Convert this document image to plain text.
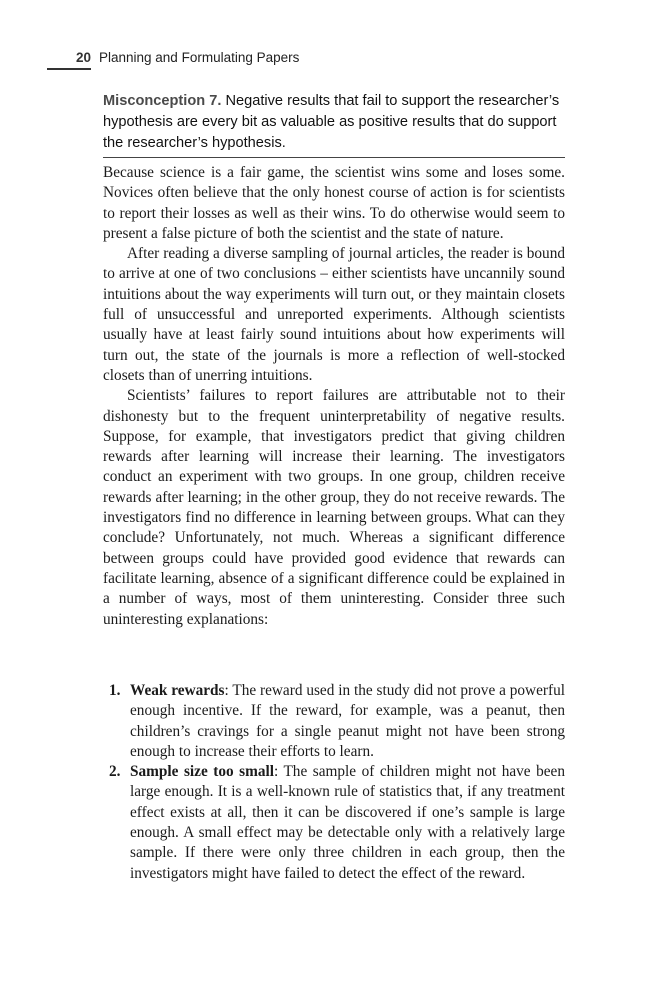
20 Planning and Formulating Papers
Misconception 7. Negative results that fail to support the researcher’s hypothesis are every bit as valuable as positive results that do support the researcher’s hypothesis.

Because science is a fair game, the scientist wins some and loses some. Novices often believe that the only honest course of action is for scientists to report their losses as well as their wins. To do otherwise would seem to present a false picture of both the scientist and the state of nature.

After reading a diverse sampling of journal articles, the reader is bound to arrive at one of two conclusions – either scientists have uncannily sound intuitions about the way experiments will turn out, or they maintain closets full of unsuccessful and unreported experiments. Although scientists usually have at least fairly sound intuitions about how experiments will turn out, the state of the journals is more a reflection of well-stocked closets than of unerring intuitions.

Scientists’ failures to report failures are attributable not to their dishonesty but to the frequent uninterpretability of negative results. Suppose, for example, that investigators predict that giving children rewards after learning will increase their learning. The investigators conduct an experiment with two groups. In one group, children receive rewards after learning; in the other group, they do not receive rewards. The investigators find no difference in learning between groups. What can they conclude? Unfortunately, not much. Whereas a significant difference between groups could have provided good evidence that rewards can facilitate learning, absence of a significant difference could be explained in a number of ways, most of them uninteresting. Consider three such uninteresting explanations:

1. Weak rewards: The reward used in the study did not prove a powerful enough incentive. If the reward, for example, was a peanut, then children’s cravings for a single peanut might not have been strong enough to increase their efforts to learn.
2. Sample size too small: The sample of children might not have been large enough. It is a well-known rule of statistics that, if any treatment effect exists at all, then it can be discovered if one’s sample is large enough. A small effect may be detectable only with a relatively large sample. If there were only three children in each group, then the investigators might have failed to detect the effect of the reward.
